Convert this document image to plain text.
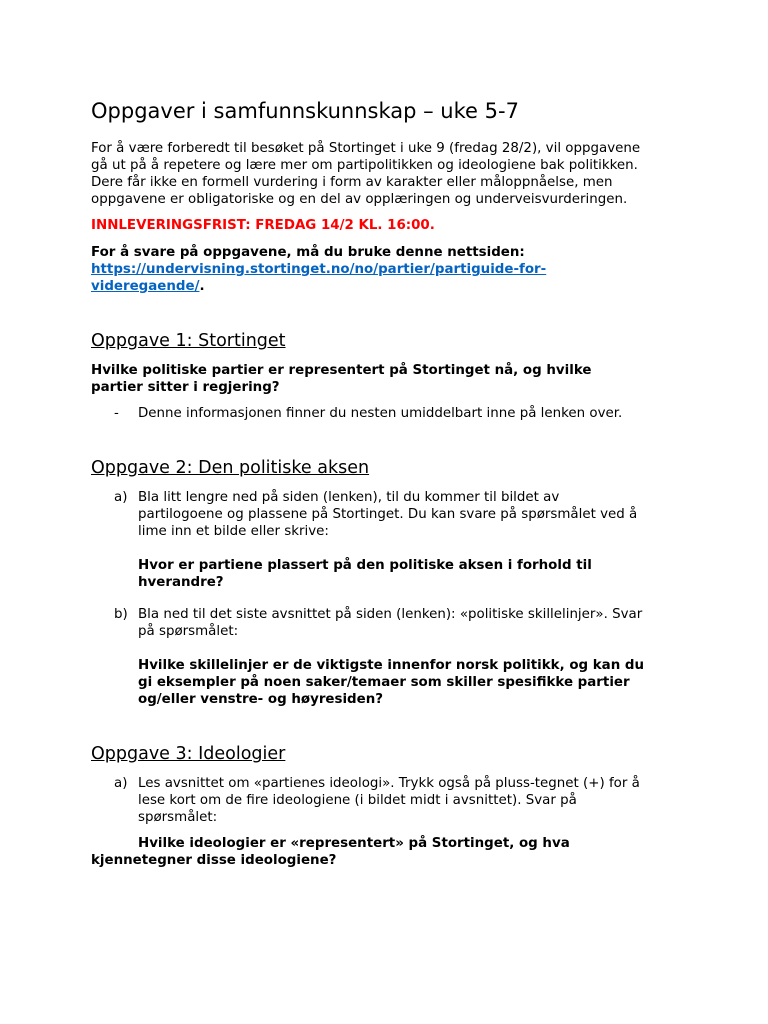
Oppgaver i samfunnskunnskap – uke 5-7

For å være forberedt til besøket på Stortinget i uke 9 (fredag 28/2), vil oppgavene
gå ut på å repetere og lære mer om partipolitikken og ideologiene bak politikken.
Dere får ikke en formell vurdering i form av karakter eller måloppnåelse, men
oppgavene er obligatoriske og en del av opplæringen og underveisvurderingen.

INNLEVERINGSFRIST: FREDAG 14/2 KL. 16:00.

For å svare på oppgavene, må du bruke denne nettsiden:
https://undervisning.stortinget.no/no/partier/partiguide-for-
videregaende/.

Oppgave 1: Stortinget

Hvilke politiske partier er representert på Stortinget nå, og hvilke
partier sitter i regjering?

- Denne informasjonen finner du nesten umiddelbart inne på lenken over.
Oppgave 2: Den politiske aksen
a) Bla litt lengre ned på siden (lenken), til du kommer til bildet av
partilogoene og plassene på Stortinget. Du kan svare på spørsmålet ved å
lime inn et bilde eller skrive:
Hvor er partiene plassert på den politiske aksen i forhold til
hverandre?
b) Bla ned til det siste avsnittet på siden (lenken): «politiske skillelinjer». Svar
på spørsmålet:
Hvilke skillelinjer er de viktigste innenfor norsk politikk, og kan du
gi eksempler på noen saker/temaer som skiller spesifikke partier
og/eller venstre- og høyresiden?
Oppgave 3: Ideologier
a) Les avsnittet om «partienes ideologi». Trykk også på pluss-tegnet (+) for å
lese kort om de fire ideologiene (i bildet midt i avsnittet). Svar på
spørsmålet:
Hvilke ideologier er «representert» på Stortinget, og hva
kjennetegner disse ideologiene?
